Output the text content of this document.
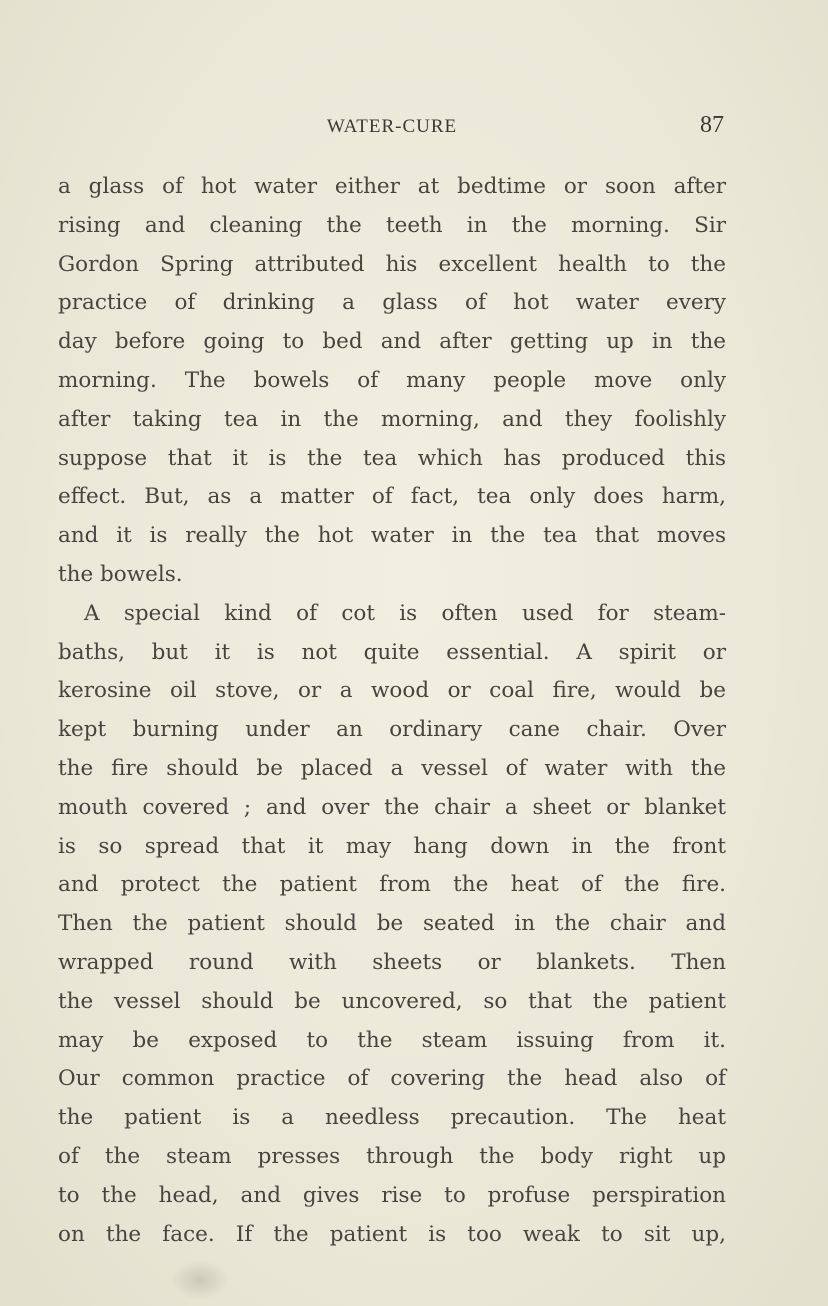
WATER-CURE	87
a glass of hot water either at bedtime or soon after
rising and cleaning the teeth in the morning. Sir
Gordon Spring attributed his excellent health to the
practice of drinking a glass of hot water every
day before going to bed and after getting up in the
morning. The bowels of many people move only
after taking tea in the morning, and they foolishly
suppose that it is the tea which has produced this
effect. But, as a matter of fact, tea only does harm,
and it is really the hot water in the tea that moves
the bowels.
A special kind of cot is often used for steam-
baths, but it is not quite essential. A spirit or
kerosine oil stove, or a wood or coal fire, would be
kept burning under an ordinary cane chair. Over
the fire should be placed a vessel of water with the
mouth covered ; and over the chair a sheet or blanket
is so spread that it may hang down in the front
and protect the patient from the heat of the fire.
Then the patient should be seated in the chair and
wrapped round with sheets or blankets. Then
the vessel should be uncovered, so that the patient
may be exposed to the steam issuing from it.
Our common practice of covering the head also of
the patient is a needless precaution. The heat
of the steam presses through the body right up
to the head, and gives rise to profuse perspiration
on the face. If the patient is too weak to sit up,
